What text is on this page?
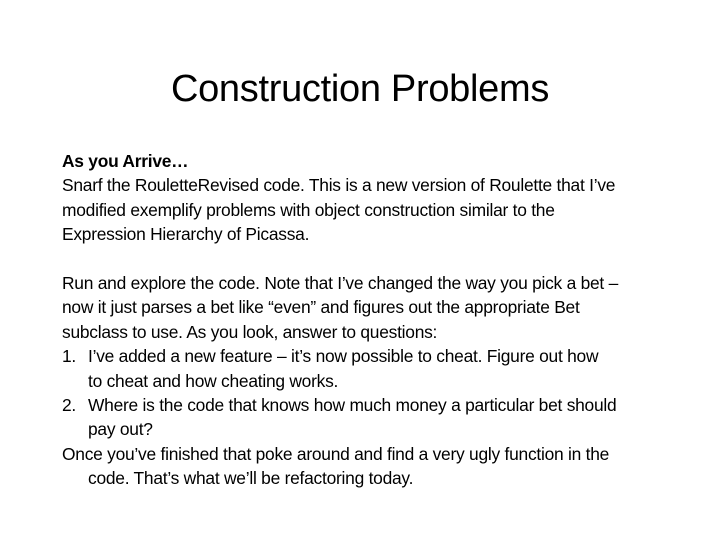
Construction Problems
As you Arrive…
Snarf the RouletteRevised code. This is a new version of Roulette that I’ve
modified exemplify problems with object construction similar to the
Expression Hierarchy of Picassa.
Run and explore the code. Note that I’ve changed the way you pick a bet –
now it just parses a bet like “even” and figures out the appropriate Bet
subclass to use. As you look, answer to questions:
1. I’ve added a new feature – it’s now possible to cheat. Figure out how
to cheat and how cheating works.
2. Where is the code that knows how much money a particular bet should
pay out?
Once you’ve finished that poke around and find a very ugly function in the
code. That’s what we’ll be refactoring today.
